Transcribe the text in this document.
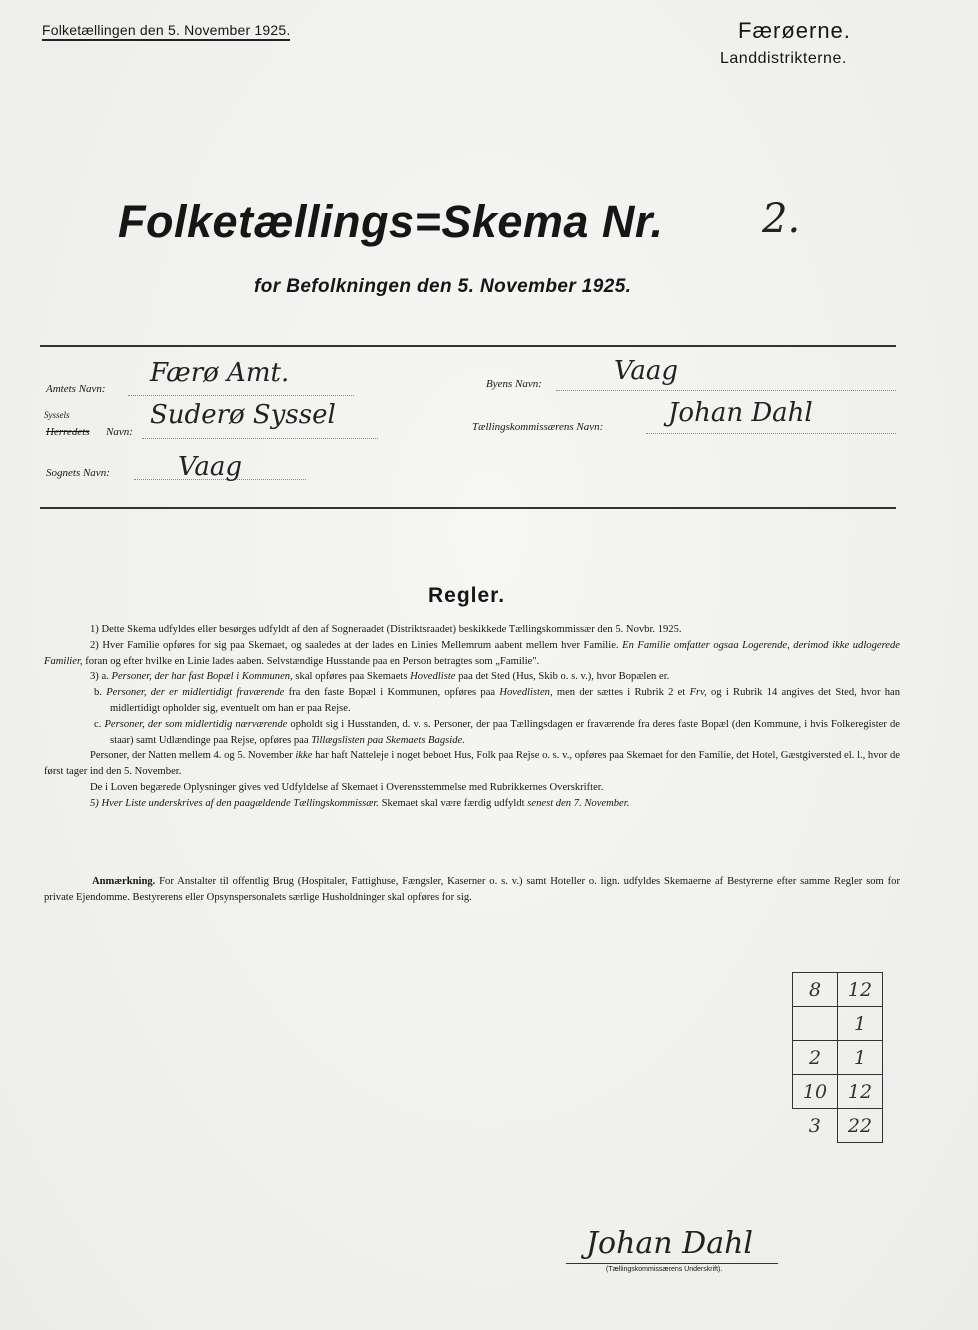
Folketællingen den 5. November 1925.	Færøerne.
Landdistrikterne.
Folketællings=Skema Nr. 2.
for Befolkningen den 5. November 1925.
Amtets Navn:
Færø Amt.	Byens Navn:	Vaag
Syssels
Herredets Navn:
Suderø Syssel	Tællingskommissærens Navn: Johan Dahl
Sognets Navn:	Vaag
Regler.

1) Dette Skema udfyldes eller besørges udfyldt af den af Sogneraadet (Distriktsraadet) beskikkede Tællingskommissær den 5. Novbr. 1925.

2) Hver Familie opføres for sig paa Skemaet, og saaledes at der lades en Linies Mellemrum aabent mellem hver Familie. En Familie omfatter ogsaa Logerende, derimod ikke udlogerede Familier, foran og efter hvilke en Linie lades aaben. Selvstændige Husstande paa en Person betragtes som „Familie".

3) a. Personer, der har fast Bopæl i Kommunen, skal opføres paa Skemaets Hovedliste paa det Sted (Hus, Skib o. s. v.), hvor Bopælen er.

b. Personer, der er midlertidigt fraværende fra den faste Bopæl i Kommunen, opføres paa Hovedlisten, men der sættes i Rubrik 2 et Frv, og i Rubrik 14 angives det Sted, hvor han midlertidigt opholder sig, eventuelt om han er paa Rejse.

c. Personer, der som midlertidig nærværende opholdt sig i Husstanden, d. v. s. Personer, der paa Tællingsdagen er fraværende fra deres faste Bopæl (den Kommune, i hvis Folkeregister de staar) samt Udlændinge paa Rejse, opføres paa Tillægslisten paa Skemaets Bagside.

Personer, der Natten mellem 4. og 5. November ikke har haft Natteleje i noget beboet Hus, Folk paa Rejse o. s. v., opføres paa Skemaet for den Familie, det Hotel, Gæstgiversted el. l., hvor de først tager ind den 5. November.

De i Loven begærede Oplysninger gives ved Udfyldelse af Skemaet i Overensstemmelse med Rubrikkernes Overskrifter.

5) Hver Liste underskrives af den paagældende Tællingskommissær. Skemaet skal være færdig udfyldt senest den 7. November.

Anmærkning. For Anstalter til offentlig Brug (Hospitaler, Fattighuse, Fængsler, Kaserner o. s. v.) samt Hoteller o. lign. udfyldes Skemaerne af Bestyrerne efter samme Regler som for private Ejendomme. Bestyrerens eller Opsynspersonalets særlige Husholdninger skal opføres for sig.
8	12
	1
2	1
10	12
3	22
Johan Dahl
(Tællingskommissærens Underskrift).
